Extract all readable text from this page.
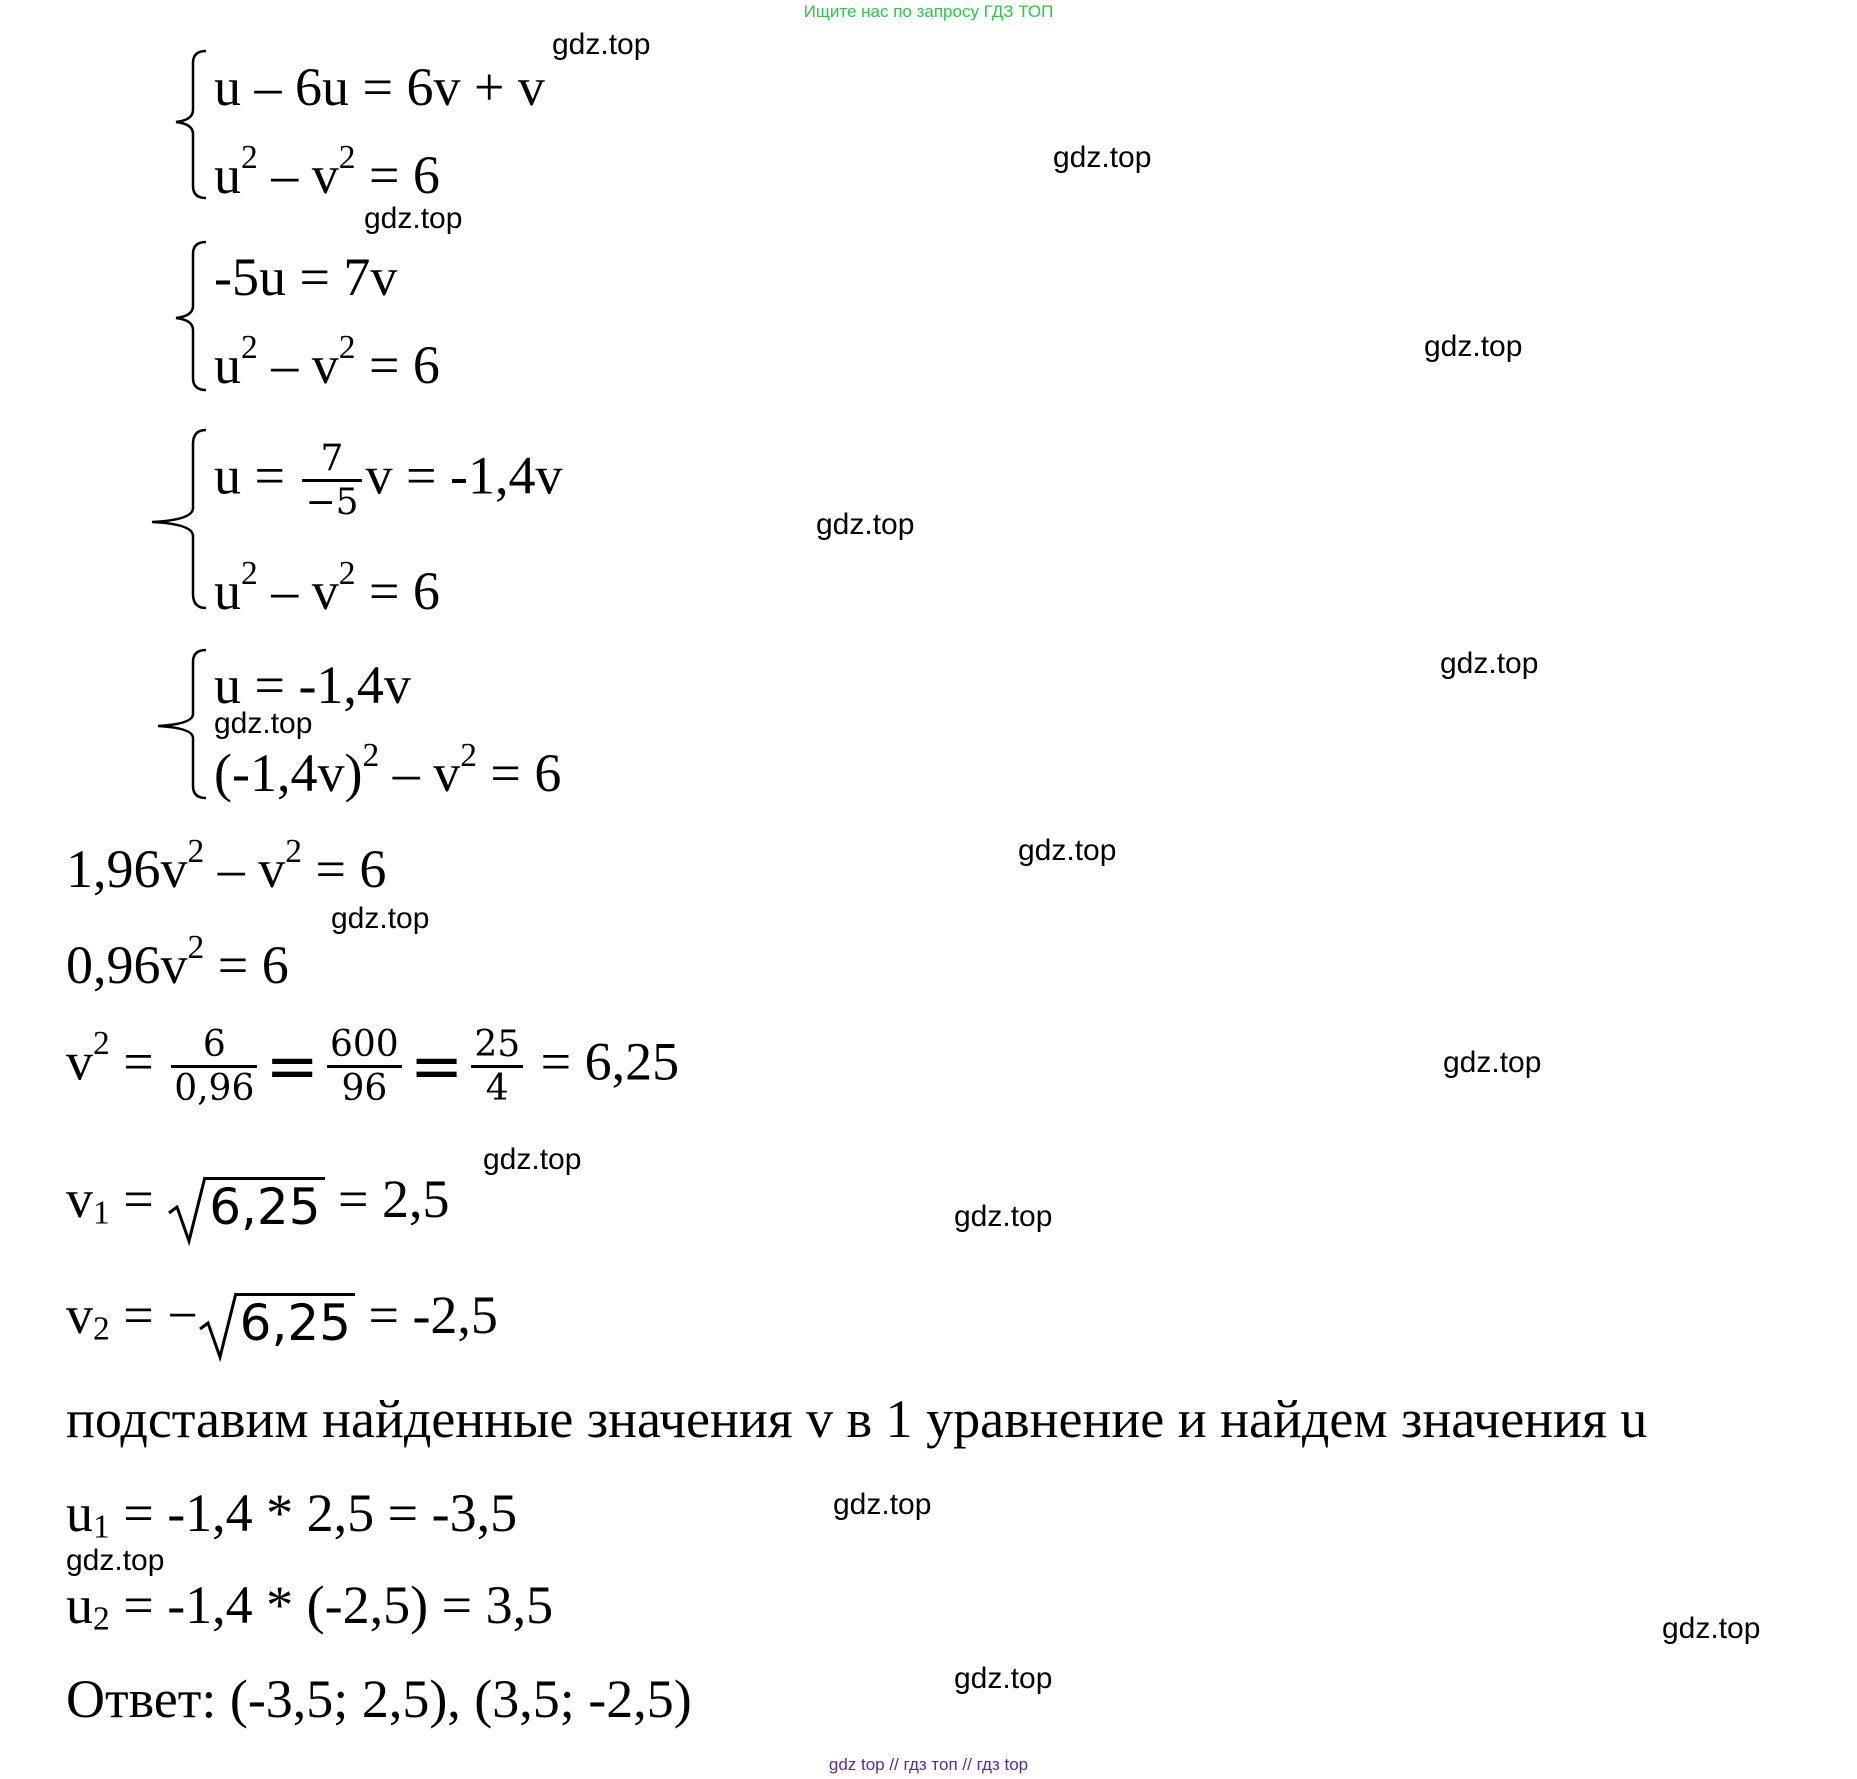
Ищите нас по запросу ГДЗ ТОП
gdz.top
gdz.top
gdz.top
gdz.top
gdz.top
gdz.top
gdz.top
gdz.top
gdz.top
gdz.top
gdz.top
gdz.top
gdz.top
gdz.top
gdz.top
gdz.top
u – 6u = 6v + v
$u^2 - v^2 = 6$
-5u = 7v
$u^2 - v^2 = 6$
$u = \frac{7}{-5}$ v = -1,4v
$u^2 - v^2 = 6$
u = -1,4v
$(-1,4v)^2 - v^2 = 6$
$1,96v^2 - v^2 = 6$
$0,96v^2 = 6$
$v^2 = \frac{6}{0,96} = \frac{600}{96} = \frac{25}{4} = 6,25$
$v_1$ =
6,25 = 2,5
$v_2$ = − 6,25 = -2,5
подставим найденные значения v в 1 уравнение и найдем значения u
$u_1 = -1,4 * 2,5 = -3,5$
$u_2 = -1,4 * (-2,5) = 3,5$
Ответ: (-3,5; 2,5), (3,5; -2,5)
gdz top // гдз топ // гдз top
